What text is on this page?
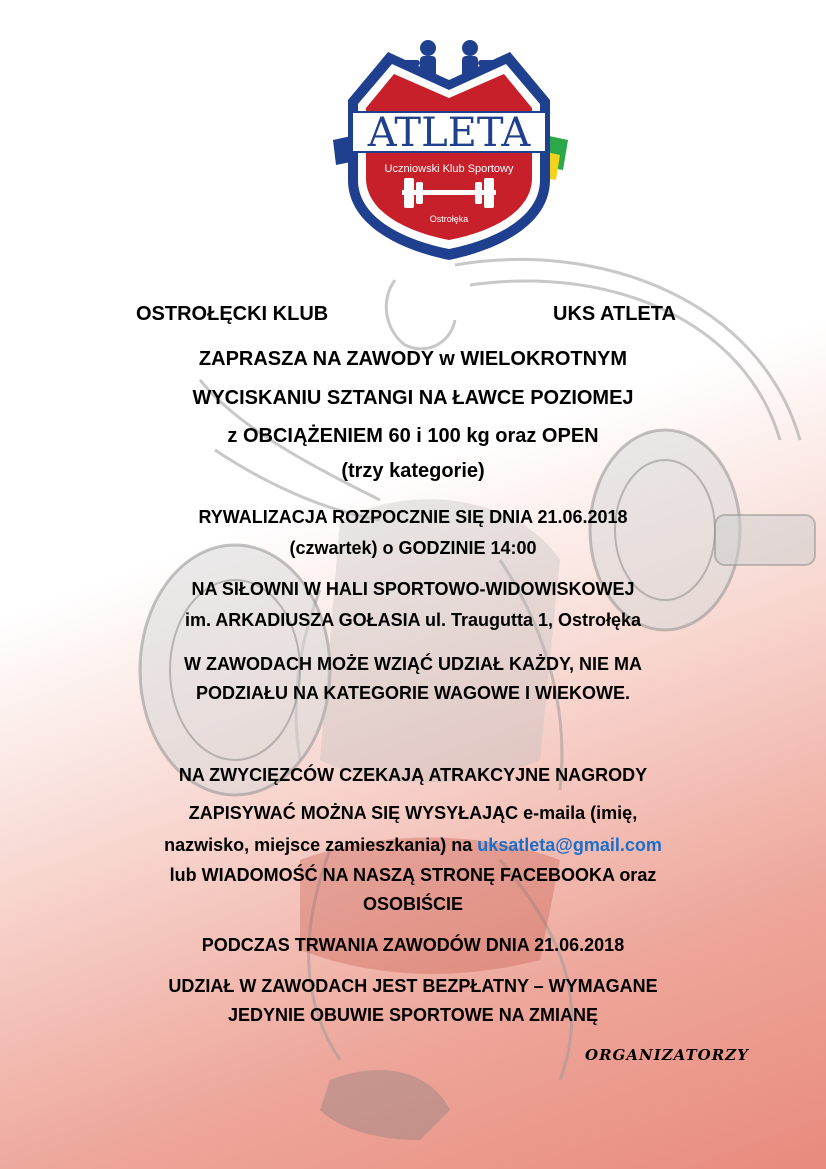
ATLETA
Uczniowski Klub Sportowy
Ostrołęka
OSTROŁĘCKI KLUB	UKS ATLETA
ZAPRASZA NA ZAWODY w WIELOKROTNYM
WYCISKANIU SZTANGI NA ŁAWCE POZIOMEJ
z OBCIĄŻENIEM 60 i 100 kg oraz OPEN
(trzy kategorie)
RYWALIZACJA ROZPOCZNIE SIĘ DNIA 21.06.2018
(czwartek) o GODZINIE 14:00
NA SIŁOWNI W HALI SPORTOWO-WIDOWISKOWEJ
im. ARKADIUSZA GOŁASIA ul. Traugutta 1, Ostrołęka
W ZAWODACH MOŻE WZIĄĆ UDZIAŁ KAŻDY, NIE MA
PODZIAŁU NA KATEGORIE WAGOWE I WIEKOWE.
NA ZWYCIĘZCÓW CZEKAJĄ ATRAKCYJNE NAGRODY
ZAPISYWAĆ MOŻNA SIĘ WYSYŁAJĄC e-maila (imię,
nazwisko, miejsce zamieszkania) na uksatleta@gmail.com
lub WIADOMOŚĆ NA NASZĄ STRONĘ FACEBOOKA oraz
OSOBIŚCIE
PODCZAS TRWANIA ZAWODÓW DNIA 21.06.2018
UDZIAŁ W ZAWODACH JEST BEZPŁATNY – WYMAGANE
JEDYNIE OBUWIE SPORTOWE NA ZMIANĘ
ORGANIZATORZY
